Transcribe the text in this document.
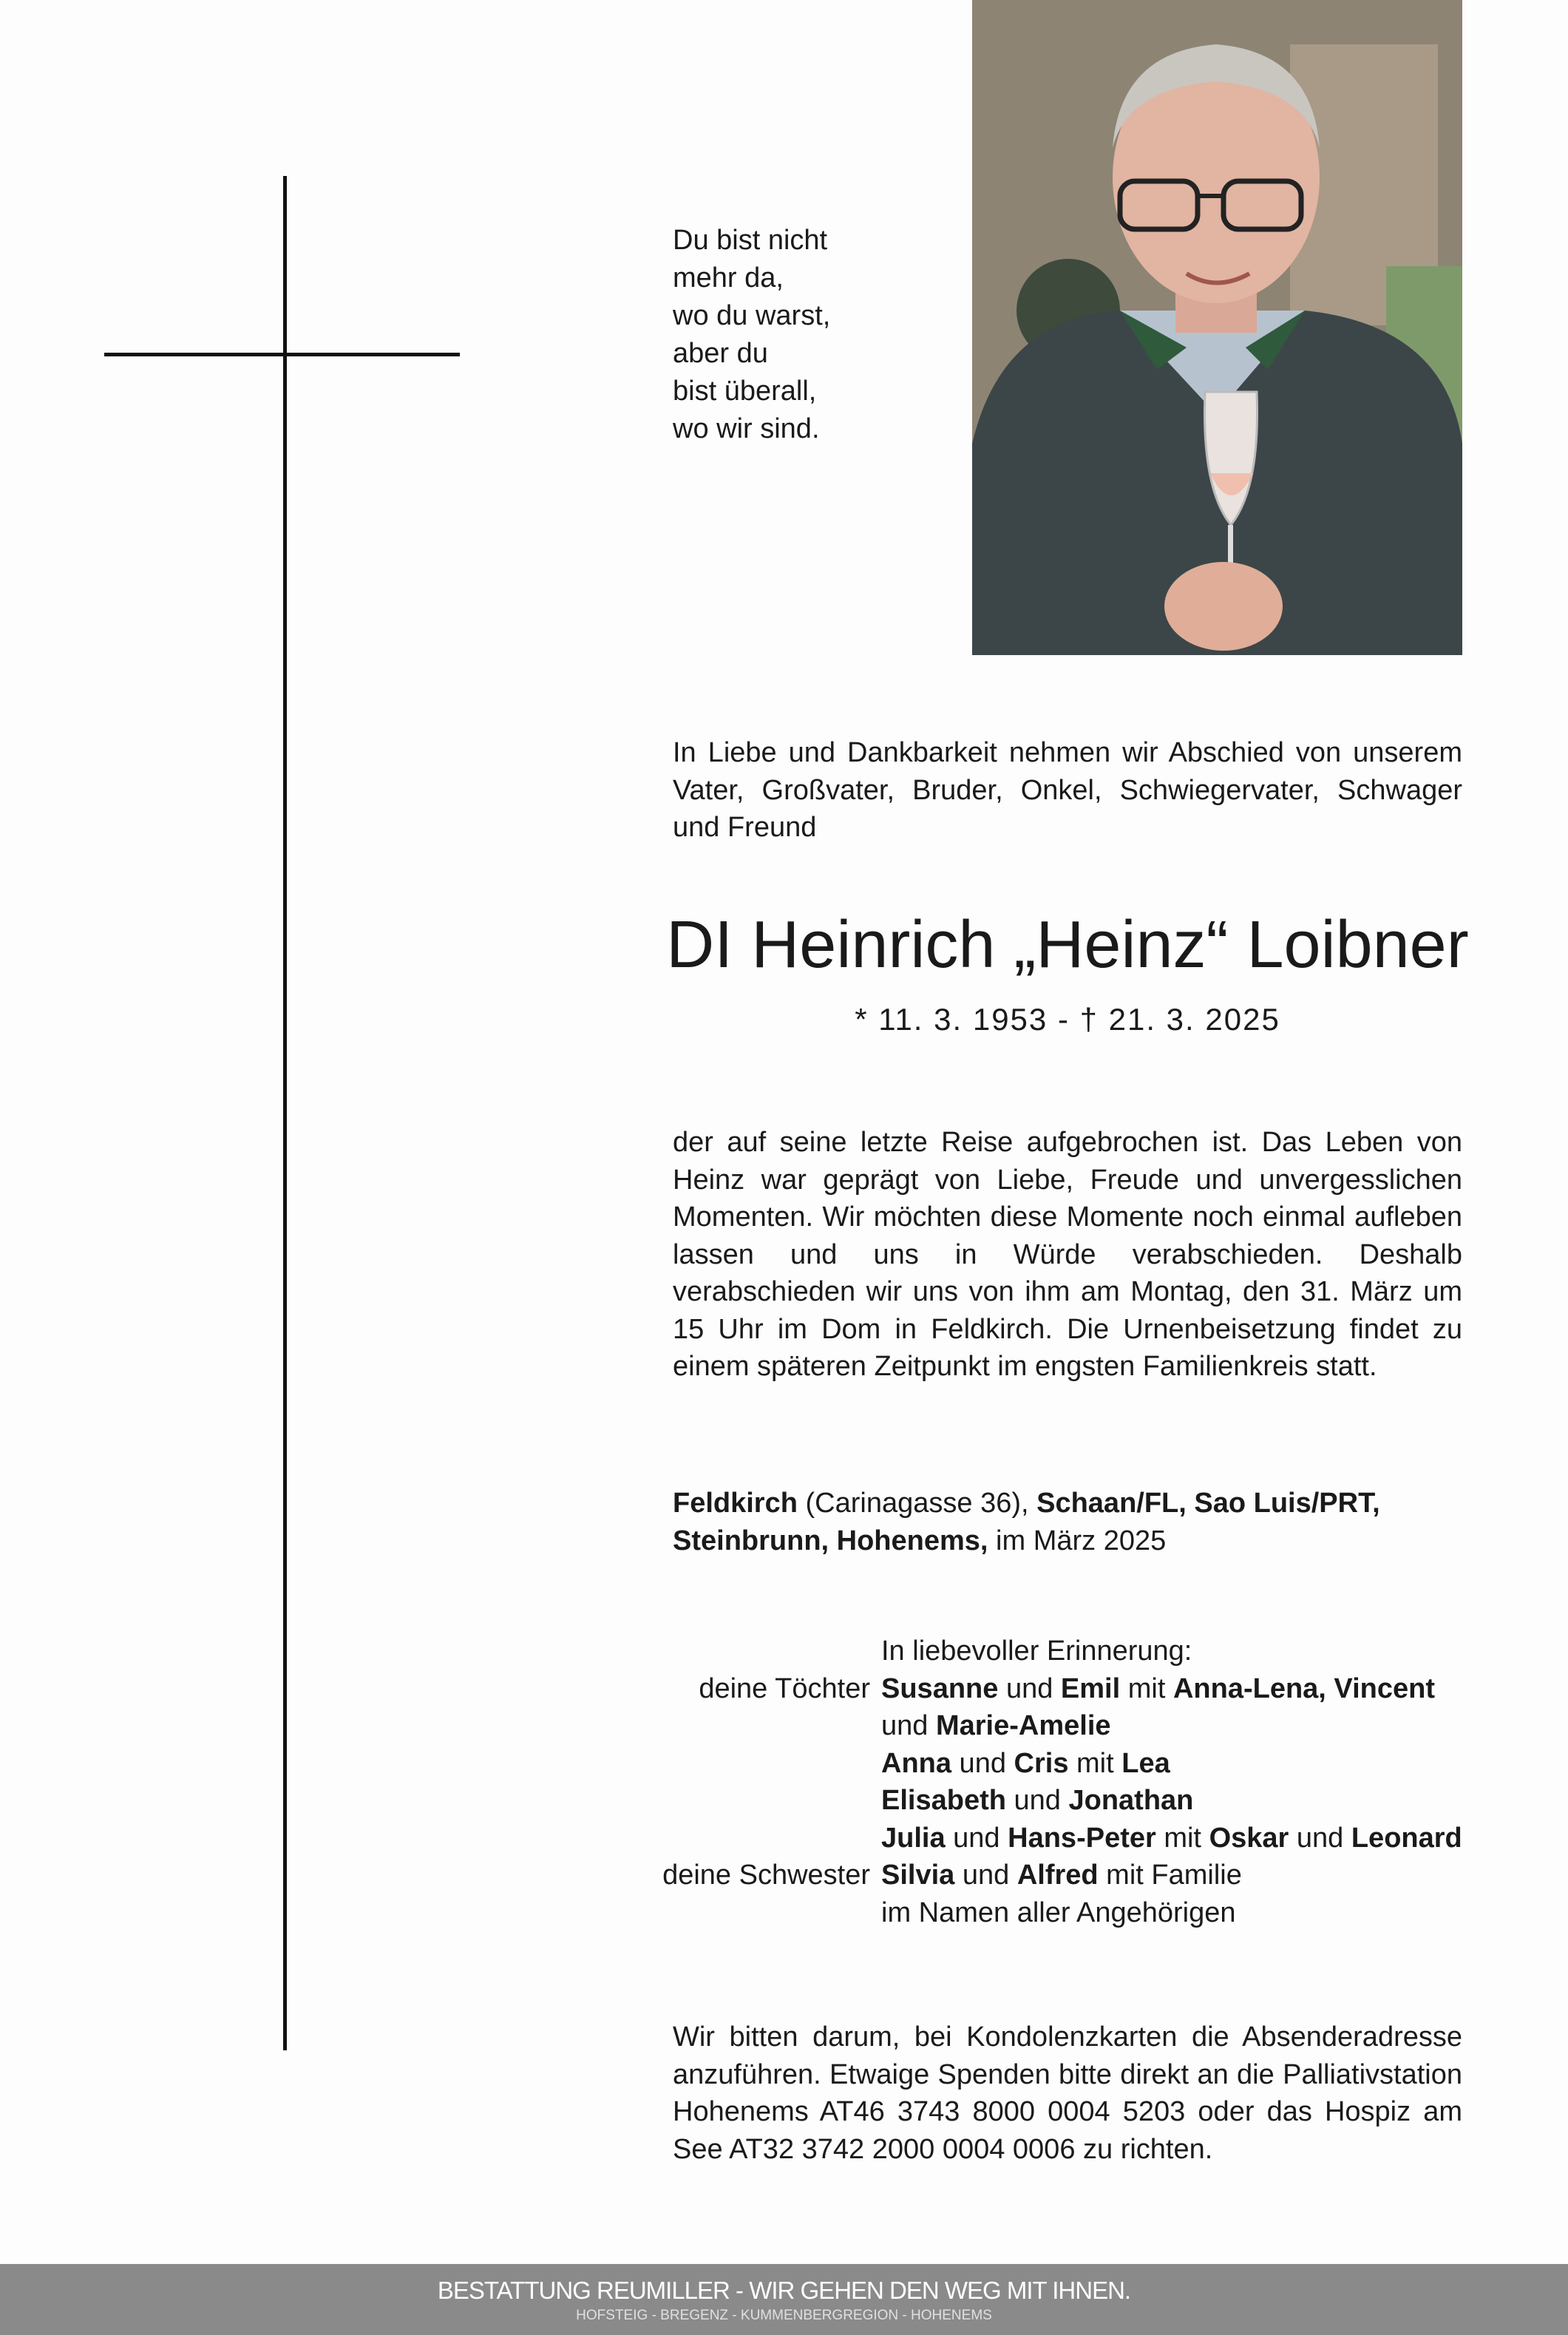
Du bist nicht
mehr da,
wo du warst,
aber du
bist überall,
wo wir sind.
In Liebe und Dankbarkeit nehmen wir Abschied von unserem Vater, Großvater, Bruder, Onkel, Schwiegervater, Schwager und Freund
DI Heinrich „Heinz“ Loibner
* 11. 3. 1953 - † 21. 3. 2025
der auf seine letzte Reise aufgebrochen ist. Das Leben von Heinz war geprägt von Liebe, Freude und unvergesslichen Momenten. Wir möchten diese Momente noch einmal aufleben lassen und uns in Würde verabschieden. Deshalb verabschieden wir uns von ihm am Montag, den 31. März um 15 Uhr im Dom in Feldkirch. Die Urnenbeisetzung findet zu einem späteren Zeitpunkt im engsten Familienkreis statt.
Feldkirch (Carinagasse 36), Schaan/FL, Sao Luis/PRT,
Steinbrunn, Hohenems, im März 2025
In liebevoller Erinnerung:
deine Töchter Susanne und Emil mit Anna-Lena, Vincent
und Marie-Amelie
Anna und Cris mit Lea
Elisabeth und Jonathan
Julia und Hans-Peter mit Oskar und Leonard
deine Schwester Silvia und Alfred mit Familie
im Namen aller Angehörigen
Wir bitten darum, bei Kondolenzkarten die Absenderadresse anzuführen. Etwaige Spenden bitte direkt an die Palliativstation Hohenems AT46 3743 8000 0004 5203 oder das Hospiz am See AT32 3742 2000 0004 0006 zu richten.
BESTATTUNG REUMILLER - WIR GEHEN DEN WEG MIT IHNEN.
HOFSTEIG - BREGENZ - KUMMENBERGREGION - HOHENEMS
